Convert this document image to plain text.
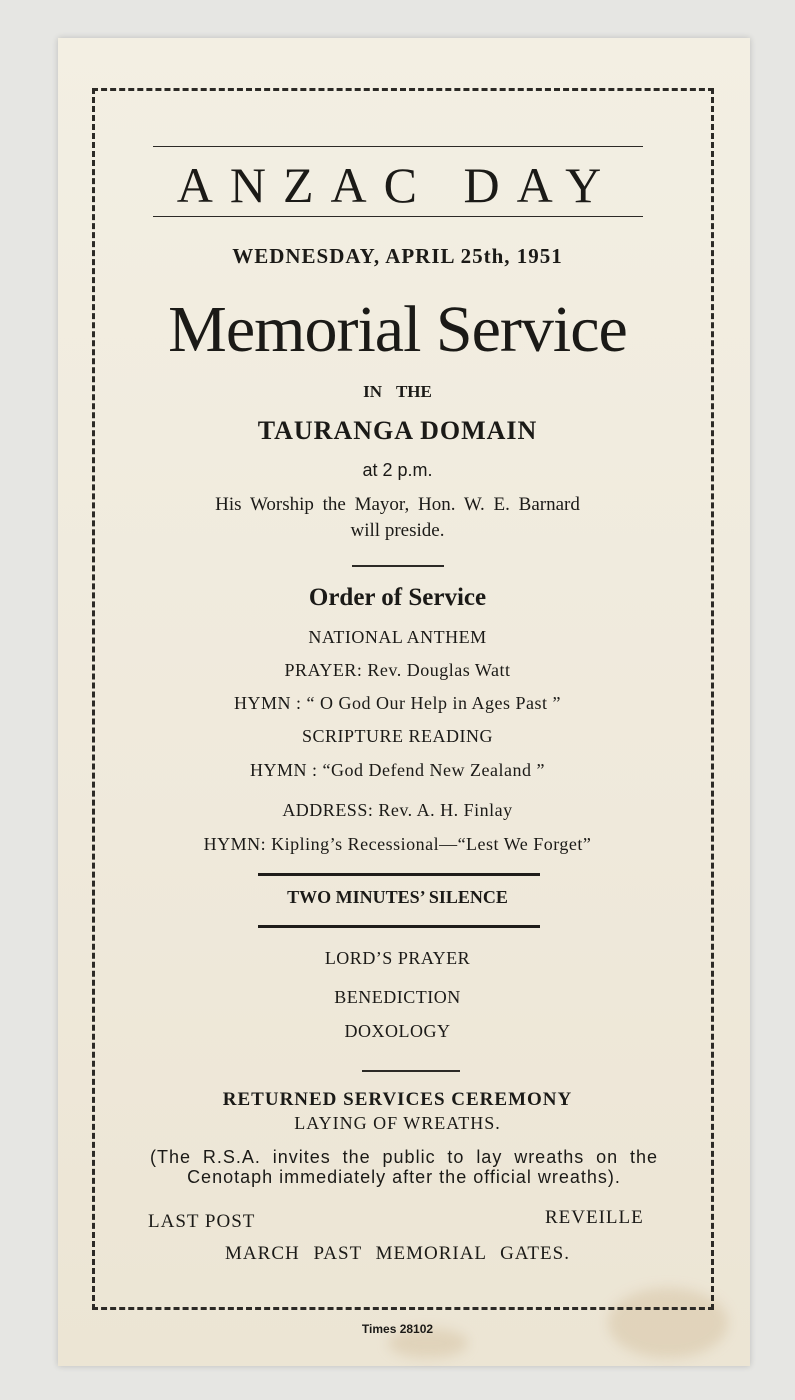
ANZAC DAY
WEDNESDAY, APRIL 25th, 1951
Memorial Service
IN THE
TAURANGA DOMAIN
at 2 p.m.
His Worship the Mayor, Hon. W. E. Barnard
will preside.
Order of Service
NATIONAL ANTHEM
PRAYER: Rev. Douglas Watt
HYMN : “ O God Our Help in Ages Past ”
SCRIPTURE READING
HYMN : “God Defend New Zealand ”
ADDRESS: Rev. A. H. Finlay
HYMN: Kipling’s Recessional—“Lest We Forget”
TWO MINUTES’ SILENCE
LORD’S PRAYER
BENEDICTION
DOXOLOGY
RETURNED SERVICES CEREMONY
LAYING OF WREATHS.
(The R.S.A. invites the public to lay wreaths on the Cenotaph immediately after the official wreaths).
LAST POST	REVEILLE
MARCH PAST MEMORIAL GATES.
Times 28102
